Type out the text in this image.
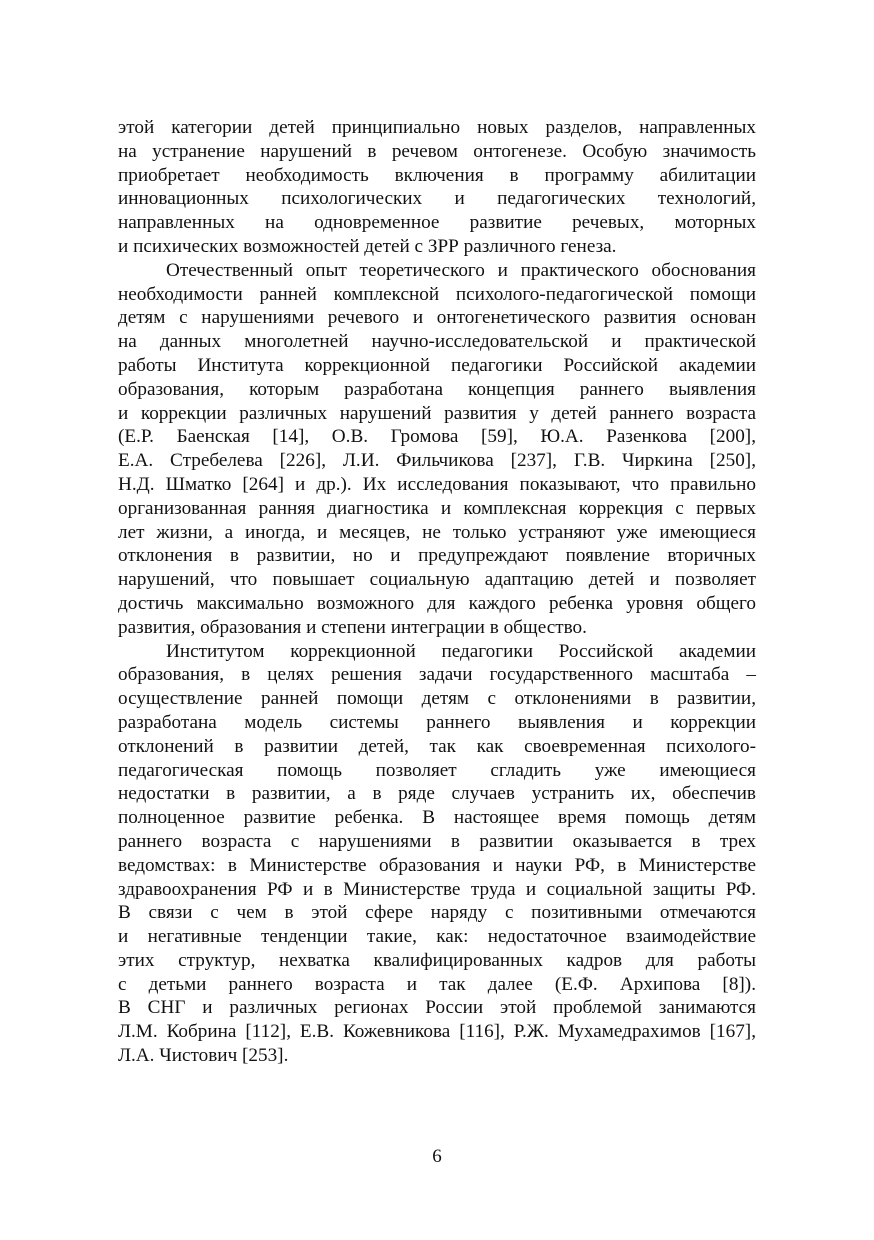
этой категории детей принципиально новых разделов, направленных
на устранение нарушений в речевом онтогенезе. Особую значимость
приобретает необходимость включения в программу абилитации
инновационных психологических и педагогических технологий,
направленных на одновременное развитие речевых, моторных
и психических возможностей детей с ЗРР различного генеза.
Отечественный опыт теоретического и практического обоснования
необходимости ранней комплексной психолого-педагогической помощи
детям с нарушениями речевого и онтогенетического развития основан
на данных многолетней научно-исследовательской и практической
работы Института коррекционной педагогики Российской академии
образования, которым разработана концепция раннего выявления
и коррекции различных нарушений развития у детей раннего возраста
(Е.Р. Баенская [14], О.В. Громова [59], Ю.А. Разенкова [200],
Е.А. Стребелева [226], Л.И. Фильчикова [237], Г.В. Чиркина [250],
Н.Д. Шматко [264] и др.). Их исследования показывают, что правильно
организованная ранняя диагностика и комплексная коррекция с первых
лет жизни, а иногда, и месяцев, не только устраняют уже имеющиеся
отклонения в развитии, но и предупреждают появление вторичных
нарушений, что повышает социальную адаптацию детей и позволяет
достичь максимально возможного для каждого ребенка уровня общего
развития, образования и степени интеграции в общество.
Институтом коррекционной педагогики Российской академии
образования, в целях решения задачи государственного масштаба –
осуществление ранней помощи детям с отклонениями в развитии,
разработана модель системы раннего выявления и коррекции
отклонений в развитии детей, так как своевременная психолого-
педагогическая помощь позволяет сгладить уже имеющиеся
недостатки в развитии, а в ряде случаев устранить их, обеспечив
полноценное развитие ребенка. В настоящее время помощь детям
раннего возраста с нарушениями в развитии оказывается в трех
ведомствах: в Министерстве образования и науки РФ, в Министерстве
здравоохранения РФ и в Министерстве труда и социальной защиты РФ.
В связи с чем в этой сфере наряду с позитивными отмечаются
и негативные тенденции такие, как: недостаточное взаимодействие
этих структур, нехватка квалифицированных кадров для работы
с детьми раннего возраста и так далее (Е.Ф. Архипова [8]).
В СНГ и различных регионах России этой проблемой занимаются
Л.М. Кобрина [112], Е.В. Кожевникова [116], Р.Ж. Мухамедрахимов [167],
Л.А. Чистович [253].
6
